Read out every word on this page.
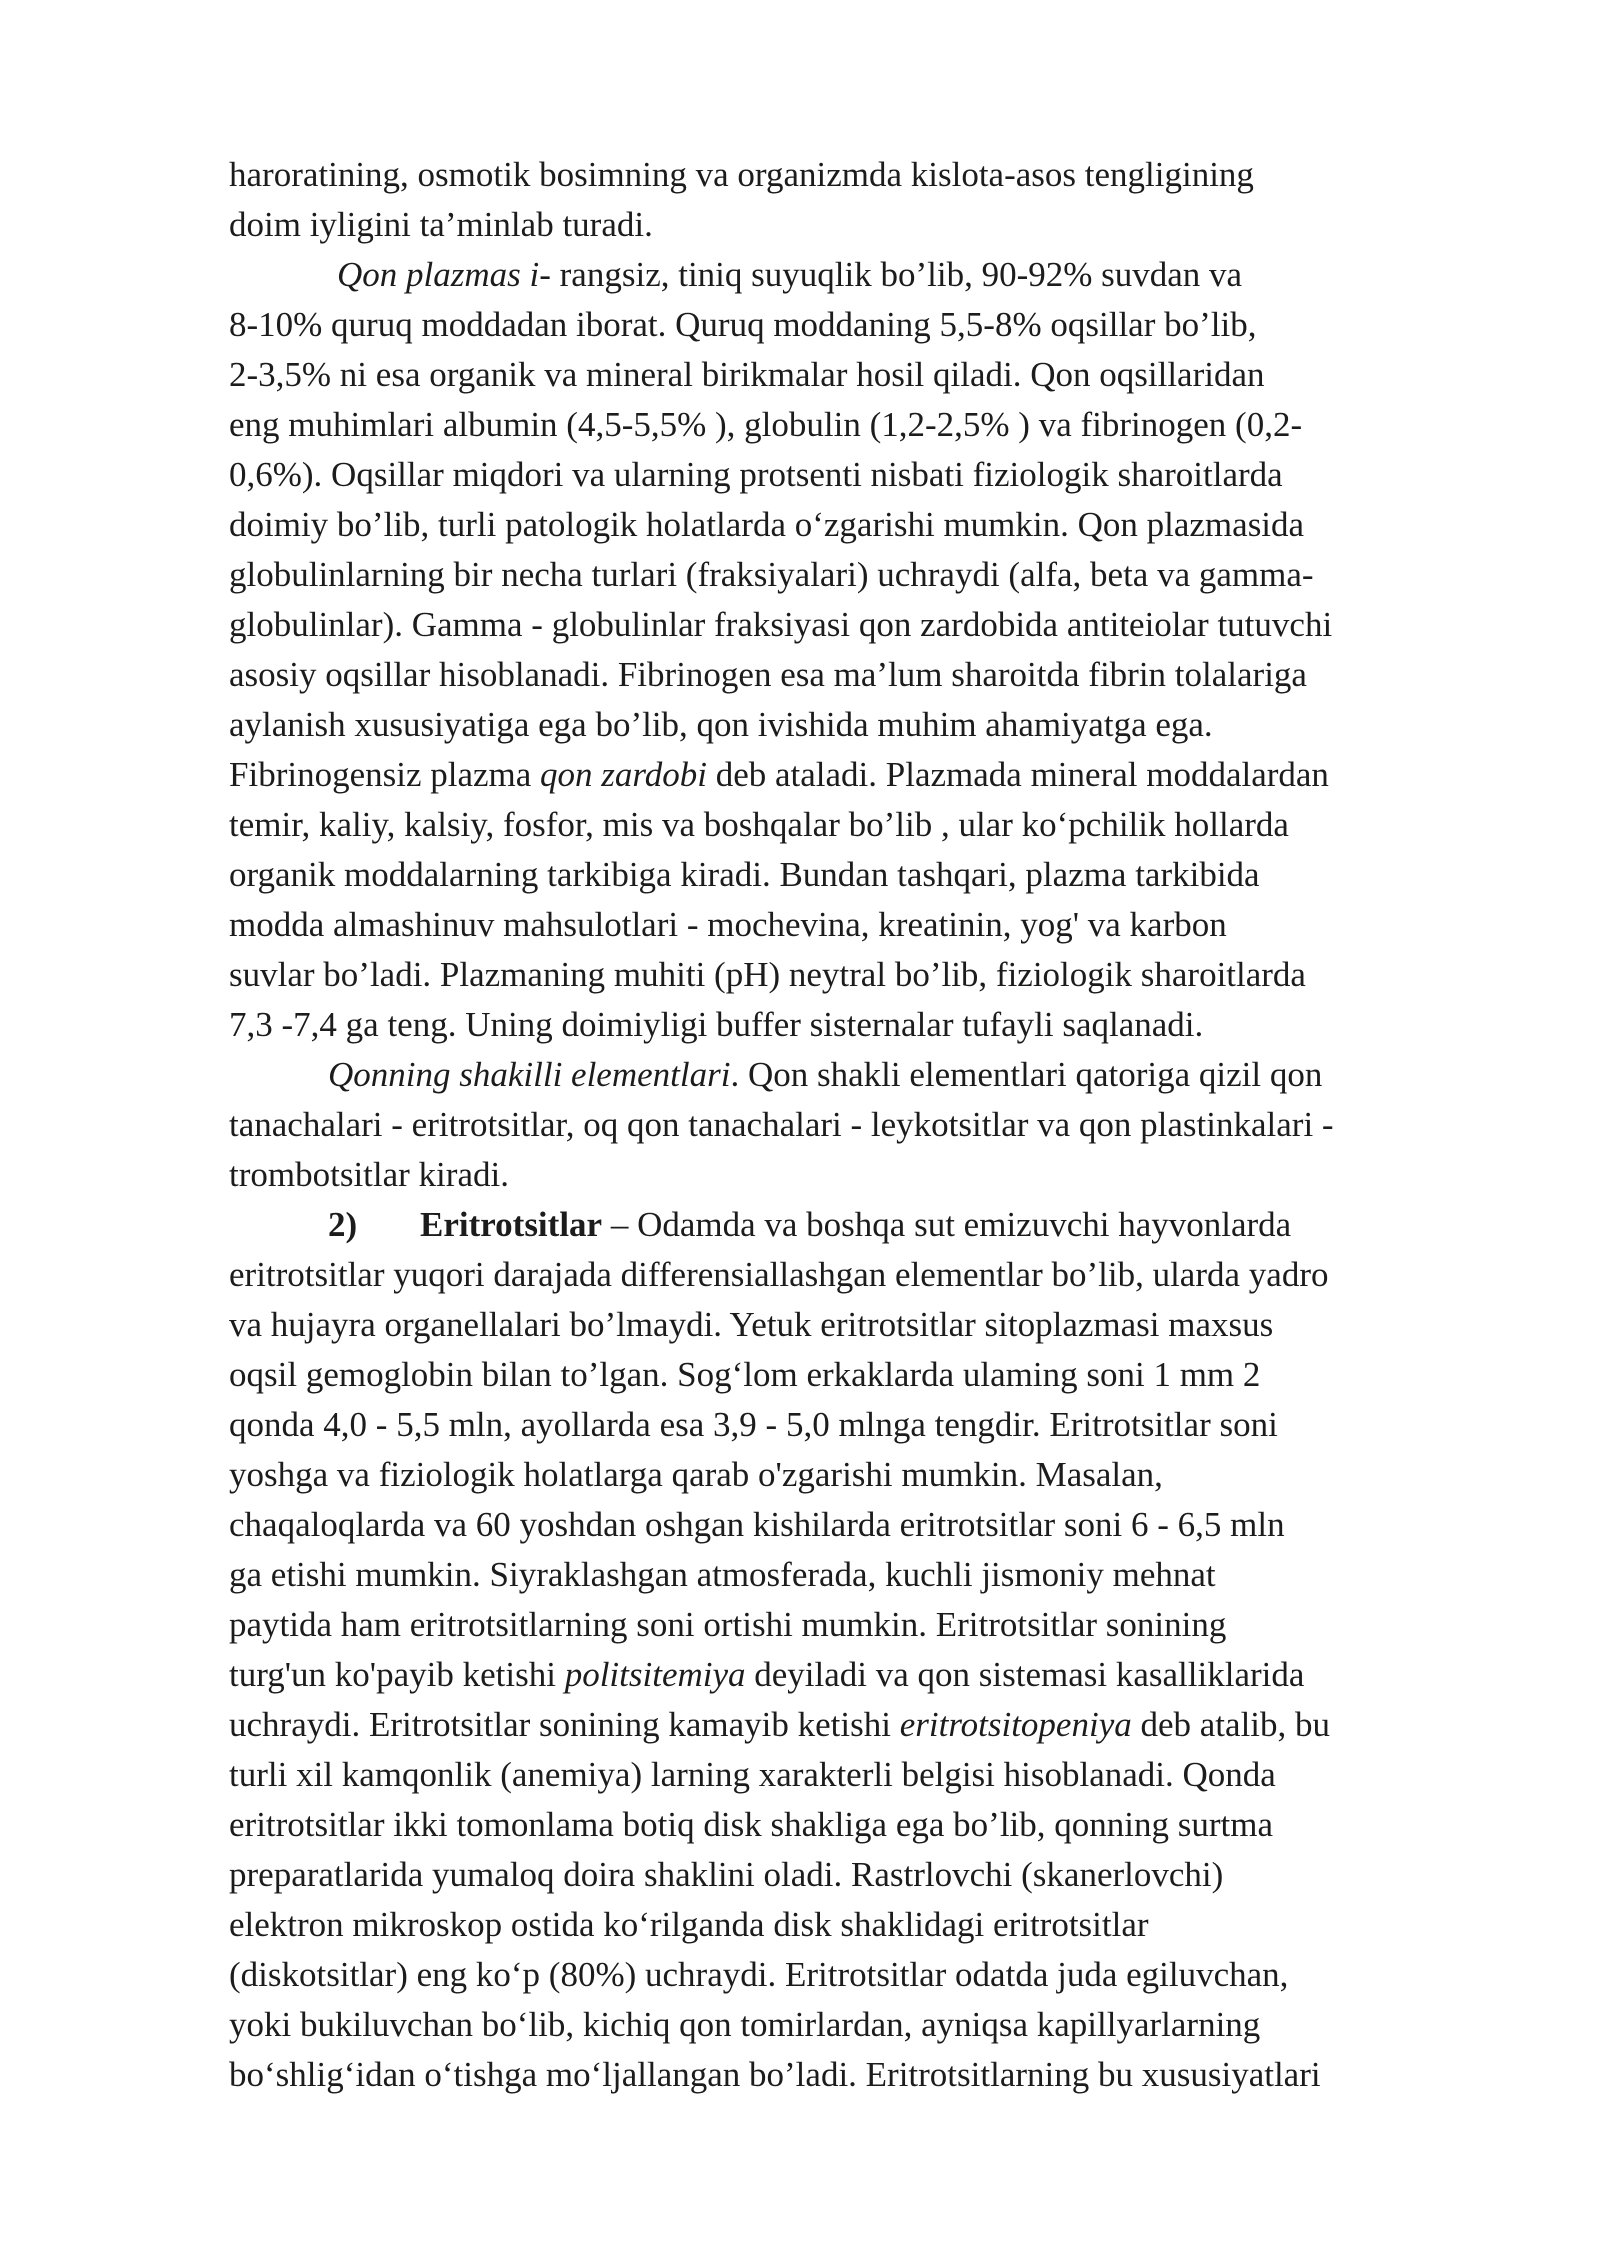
haroratining, osmotik bosimning va organizmda kislota-asos tengligining
doim iyligini ta’minlab turadi.
Qon plazmas i- rangsiz, tiniq suyuqlik bo’lib, 90-92% suvdan va
8-10% quruq moddadan iborat. Quruq moddaning 5,5-8% oqsillar bo’lib,
2-3,5% ni esa organik va mineral birikmalar hosil qiladi. Qon oqsillaridan
eng muhimlari albumin (4,5-5,5% ), globulin (1,2-2,5% ) va fibrinogen (0,2-
0,6%). Oqsillar miqdori va ularning protsenti nisbati fiziologik sharoitlarda
doimiy bo’lib, turli patologik holatlarda o‘zgarishi mumkin. Qon plazmasida
globulinlarning bir necha turlari (fraksiyalari) uchraydi (alfa, beta va gamma-
globulinlar). Gamma - globulinlar fraksiyasi qon zardobida antiteiolar tutuvchi
asosiy oqsillar hisoblanadi. Fibrinogen esa ma’lum sharoitda fibrin tolalariga
aylanish xususiyatiga ega bo’lib, qon ivishida muhim ahamiyatga ega.
Fibrinogensiz plazma qon zardobi deb ataladi. Plazmada mineral moddalardan
temir, kaliy, kalsiy, fosfor, mis va boshqalar bo’lib , ular ko‘pchilik hollarda
organik moddalarning tarkibiga kiradi. Bundan tashqari, plazma tarkibida
modda almashinuv mahsulotlari - mochevina, kreatinin, yog' va karbon
suvlar bo’ladi. Plazmaning muhiti (pH) neytral bo’lib, fiziologik sharoitlarda
7,3 -7,4 ga teng. Uning doimiyligi buffer sisternalar tufayli saqlanadi.
Qonning shakilli elementlari. Qon shakli elementlari qatoriga qizil qon
tanachalari - eritrotsitlar, oq qon tanachalari - leykotsitlar va qon plastinkalari -
trombotsitlar kiradi.
2) Eritrotsitlar – Odamda va boshqa sut emizuvchi hayvonlarda
eritrotsitlar yuqori darajada differensiallashgan elementlar bo’lib, ularda yadro
va hujayra organellalari bo’lmaydi. Yetuk eritrotsitlar sitoplazmasi maxsus
oqsil gemoglobin bilan to’lgan. Sog‘lom erkaklarda ulaming soni 1 mm 2
qonda 4,0 - 5,5 mln, ayollarda esa 3,9 - 5,0 mlnga tengdir. Eritrotsitlar soni
yoshga va fiziologik holatlarga qarab o'zgarishi mumkin. Masalan,
chaqaloqlarda va 60 yoshdan oshgan kishilarda eritrotsitlar soni 6 - 6,5 mln
ga etishi mumkin. Siyraklashgan atmosferada, kuchli jismoniy mehnat
paytida ham eritrotsitlarning soni ortishi mumkin. Eritrotsitlar sonining
turg'un ko'payib ketishi politsitemiya deyiladi va qon sistemasi kasalliklarida
uchraydi. Eritrotsitlar sonining kamayib ketishi eritrotsitopeniya deb atalib, bu
turli xil kamqonlik (anemiya) larning xarakterli belgisi hisoblanadi. Qonda
eritrotsitlar ikki tomonlama botiq disk shakliga ega bo’lib, qonning surtma
preparatlarida yumaloq doira shaklini oladi. Rastrlovchi (skanerlovchi)
elektron mikroskop ostida ko‘rilganda disk shaklidagi eritrotsitlar
(diskotsitlar) eng ko‘p (80%) uchraydi. Eritrotsitlar odatda juda egiluvchan,
yoki bukiluvchan bo‘lib, kichiq qon tomirlardan, ayniqsa kapillyarlarning
bo‘shlig‘idan o‘tishga mo‘ljallangan bo’ladi. Eritrotsitlarning bu xususiyatlari
